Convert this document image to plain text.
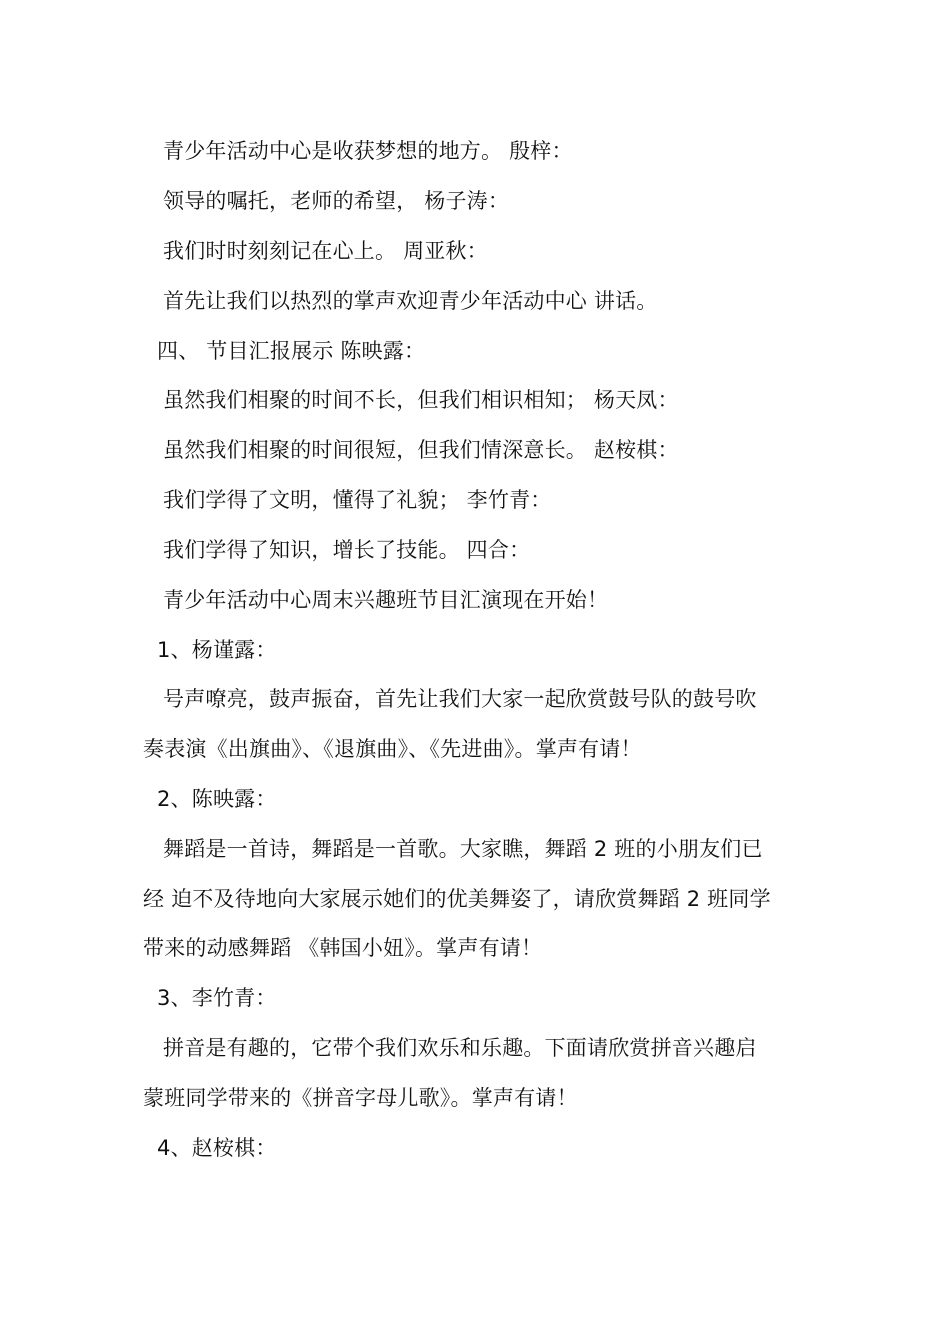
青少年活动中心是收获梦想的地方。 殷梓：
领导的嘱托，老师的希望， 杨子涛：
我们时时刻刻记在心上。 周亚秋：
首先让我们以热烈的掌声欢迎青少年活动中心 讲话。
四、 节目汇报展示 陈映露：
虽然我们相聚的时间不长，但我们相识相知； 杨天凤：
虽然我们相聚的时间很短，但我们情深意长。 赵桉棋：
我们学得了文明，懂得了礼貌； 李竹青：
我们学得了知识，增长了技能。 四合：
青少年活动中心周末兴趣班节目汇演现在开始！
1、杨谨露：
号声嘹亮，鼓声振奋，首先让我们大家一起欣赏鼓号队的鼓号吹
奏表演《出旗曲》、《退旗曲》、《先进曲》。掌声有请！
2、陈映露：
舞蹈是一首诗，舞蹈是一首歌。大家瞧，舞蹈 2 班的小朋友们已
经 迫不及待地向大家展示她们的优美舞姿了，请欣赏舞蹈 2 班同学
带来的动感舞蹈 《韩国小妞》。掌声有请！
3、李竹青：
拼音是有趣的，它带个我们欢乐和乐趣。下面请欣赏拼音兴趣启
蒙班同学带来的《拼音字母儿歌》。掌声有请！
4、赵桉棋：
